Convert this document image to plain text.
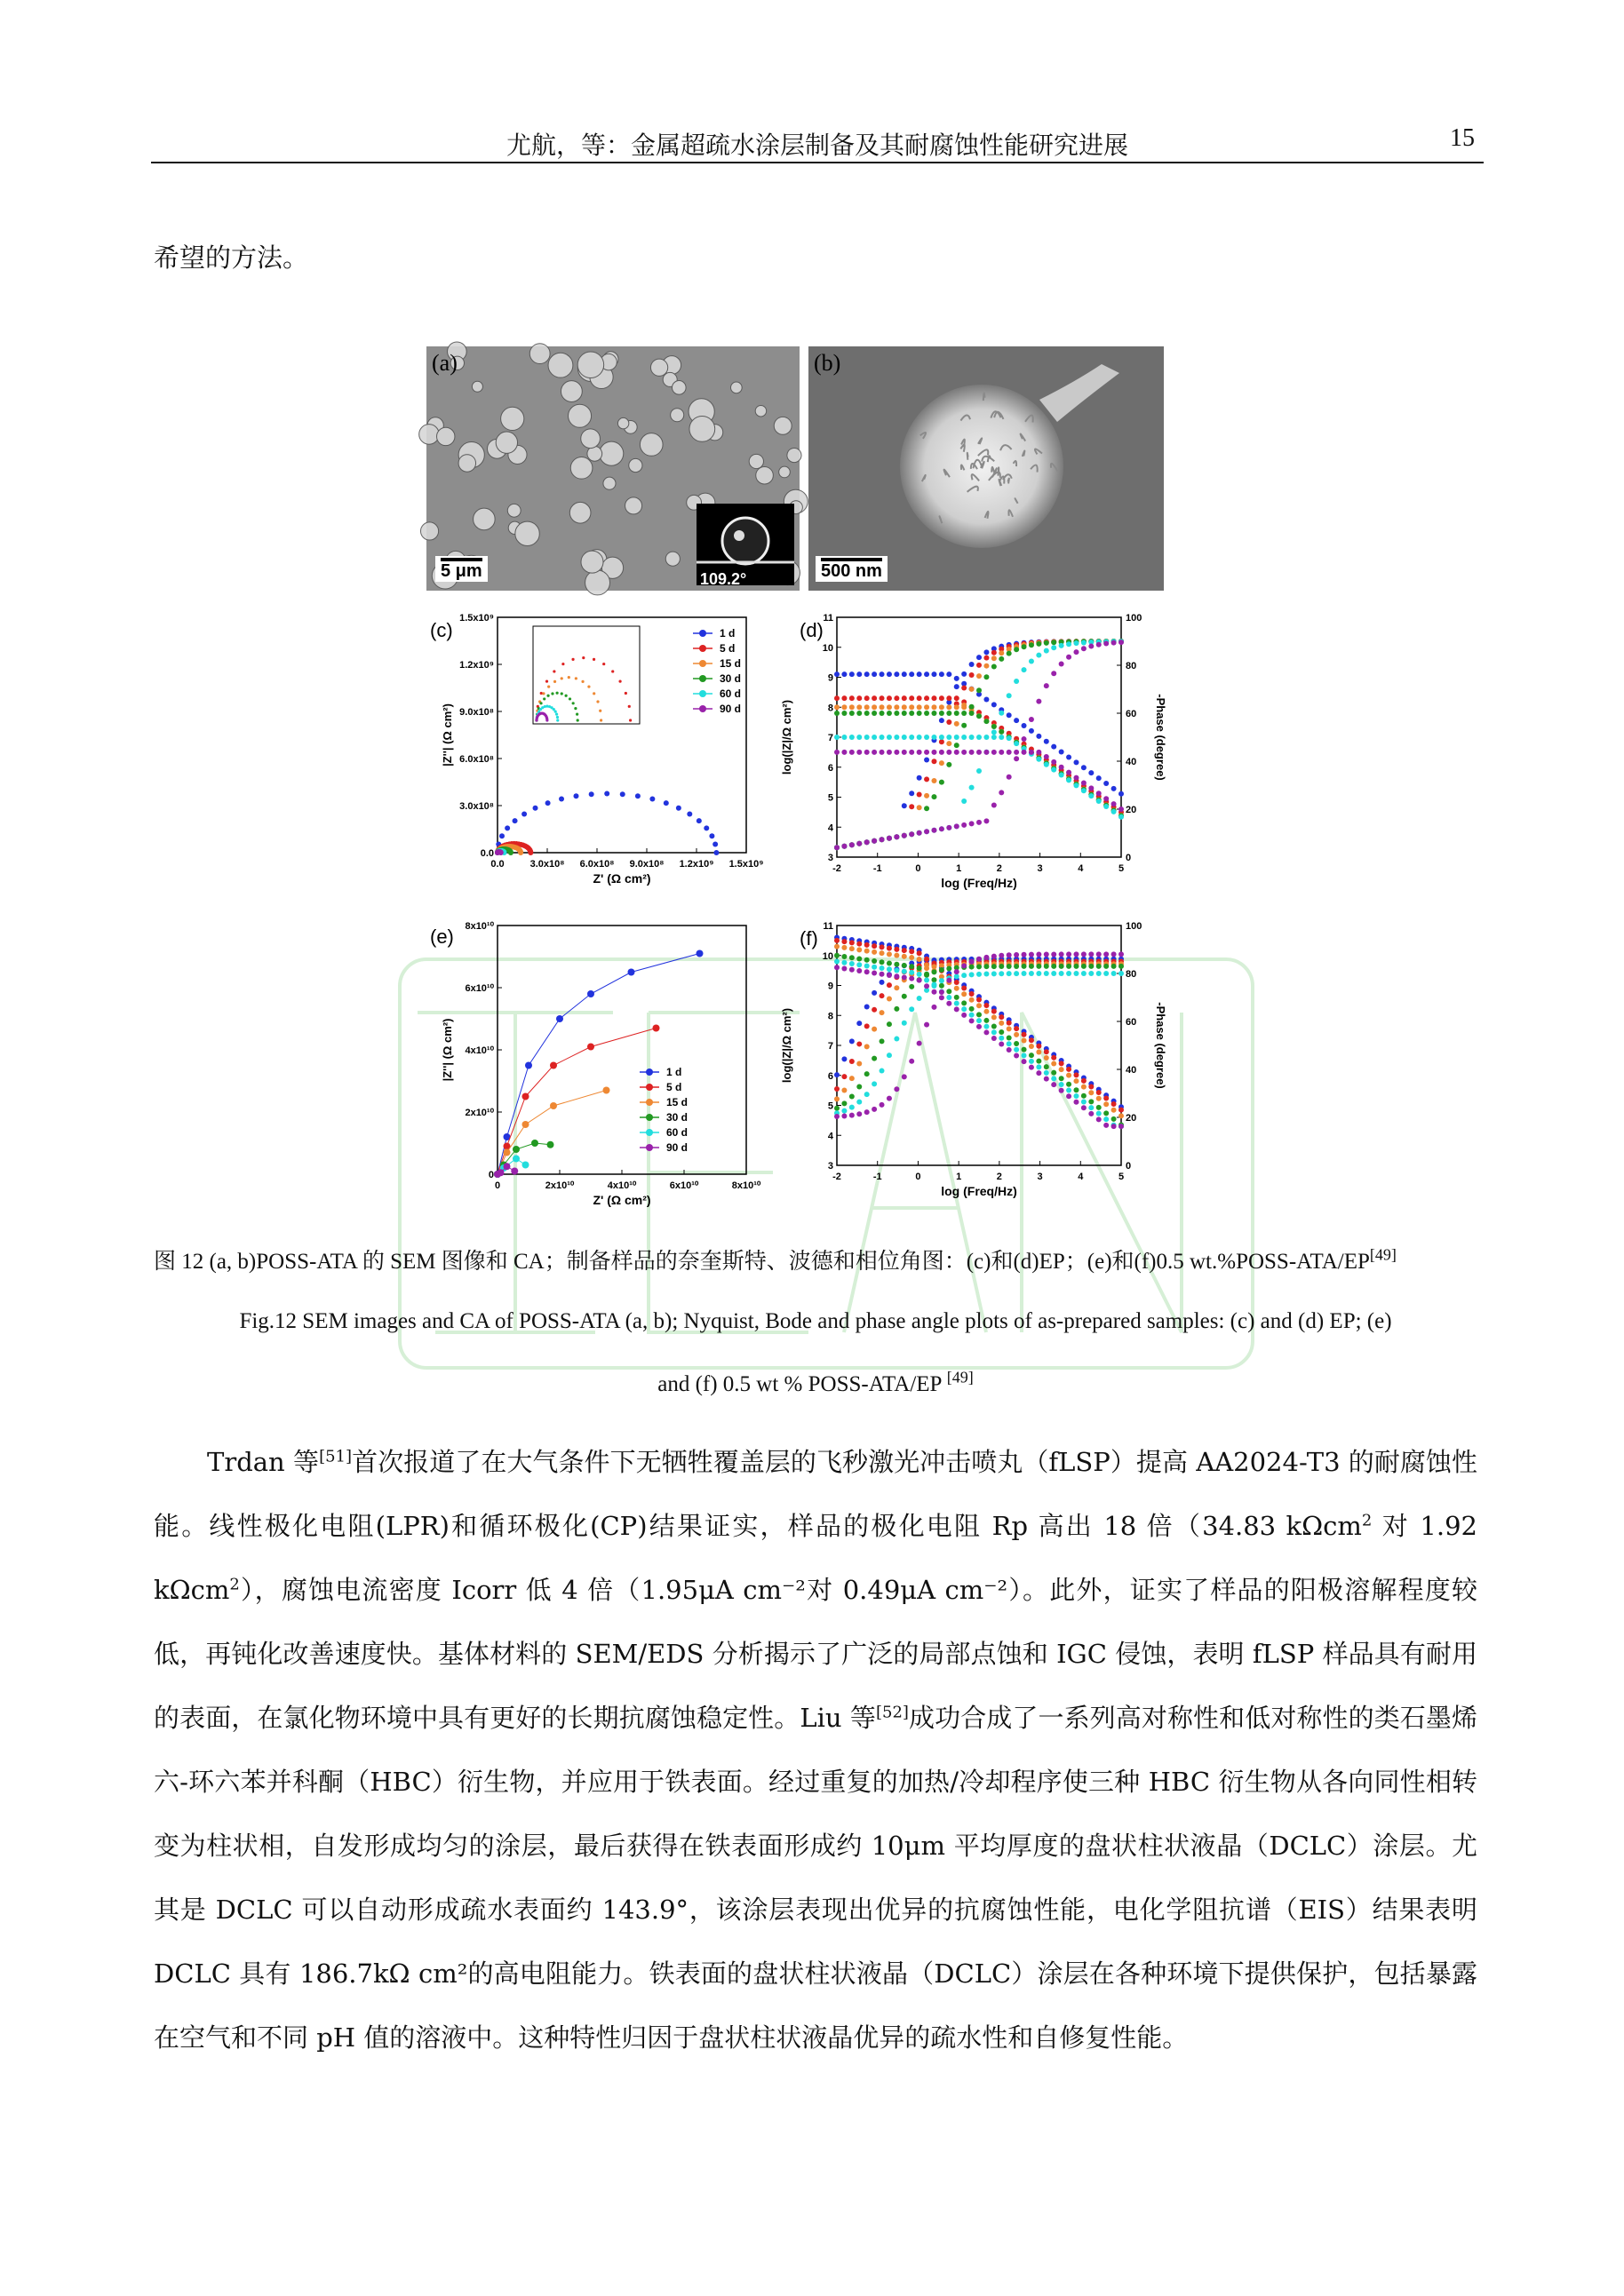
尤航，等：金属超疏水涂层制备及其耐腐蚀性能研究进展	15
希望的方法。
(a)
5 μm	109.2°
(b)
500 nm
(c)
0.0	3.0x10⁸ 6.0x10⁸ 9.0x10⁸ 1.2x10⁹ 1.5x10⁹
0.0
3.0x10⁸
6.0x10⁸
9.0x10⁸
1.2x10⁹
1.5x10⁹
Z' (Ω cm²)
|Z''| (Ω cm²)
1 d
5 d
15 d
30 d
60 d
90 d
(d)
-2	-1	0	1	2	3	4	5
3
4
5
6
7
8
9
10
11
0
20
40
60
80
100
-Phase (degree)
log (Freq/Hz)
log(|Z|/Ω cm²)
(e)
0	2x10¹⁰	4x10¹⁰	6x10¹⁰	8x10¹⁰
0
2x10¹⁰
4x10¹⁰
6x10¹⁰
8x10¹⁰
Z' (Ω cm²)
|Z''| (Ω cm²)	1 d
5 d
15 d
30 d
60 d
90 d
(f)
-2	-1	0	1	2	3	4	5
3
4
5
6
7
8
9
10
11
0
20
40
60
80
100
-Phase (degree)
log (Freq/Hz)
log(|Z|/Ω cm²)
图 12 (a, b)POSS-ATA 的 SEM 图像和 CA；制备样品的奈奎斯特、波德和相位角图：(c)和(d)EP；(e)和(f)0.5 wt.%POSS-ATA/EP[49]
Fig.12 SEM images and CA of POSS-ATA (a, b); Nyquist, Bode and phase angle plots of as-prepared samples: (c) and (d) EP; (e)
and (f) 0.5 wt % POSS-ATA/EP [49]

Trdan 等[51]首次报道了在大气条件下无牺牲覆盖层的飞秒激光冲击喷丸（fLSP）提高 AA2024-T3 的耐腐蚀性能。线性极化电阻(LPR)和循环极化(CP)结果证实，样品的极化电阻 Rp 高出 18 倍（34.83 kΩcm$^2$ 对 1.92 kΩcm$^2$），腐蚀电流密度 Icorr 低 4 倍（1.95μA cm⁻²对 0.49μA cm⁻²）。此外，证实了样品的阳极溶解程度较低，再钝化改善速度快。基体材料的 SEM/EDS 分析揭示了广泛的局部点蚀和 IGC 侵蚀，表明 fLSP 样品具有耐用的表面，在氯化物环境中具有更好的长期抗腐蚀稳定性。Liu 等[52]成功合成了一系列高对称性和低对称性的类石墨烯六-环六苯并科酮（HBC）衍生物，并应用于铁表面。经过重复的加热/冷却程序使三种 HBC 衍生物从各向同性相转变为柱状相，自发形成均匀的涂层，最后获得在铁表面形成约 10μm 平均厚度的盘状柱状液晶（DCLC）涂层。尤其是 DCLC 可以自动形成疏水表面约 143.9°，该涂层表现出优异的抗腐蚀性能，电化学阻抗谱（EIS）结果表明 DCLC 具有 186.7kΩ cm²的高电阻能力。铁表面的盘状柱状液晶（DCLC）涂层在各种环境下提供保护，包括暴露在空气和不同 pH 值的溶液中。这种特性归因于盘状柱状液晶优异的疏水性和自修复性能。
